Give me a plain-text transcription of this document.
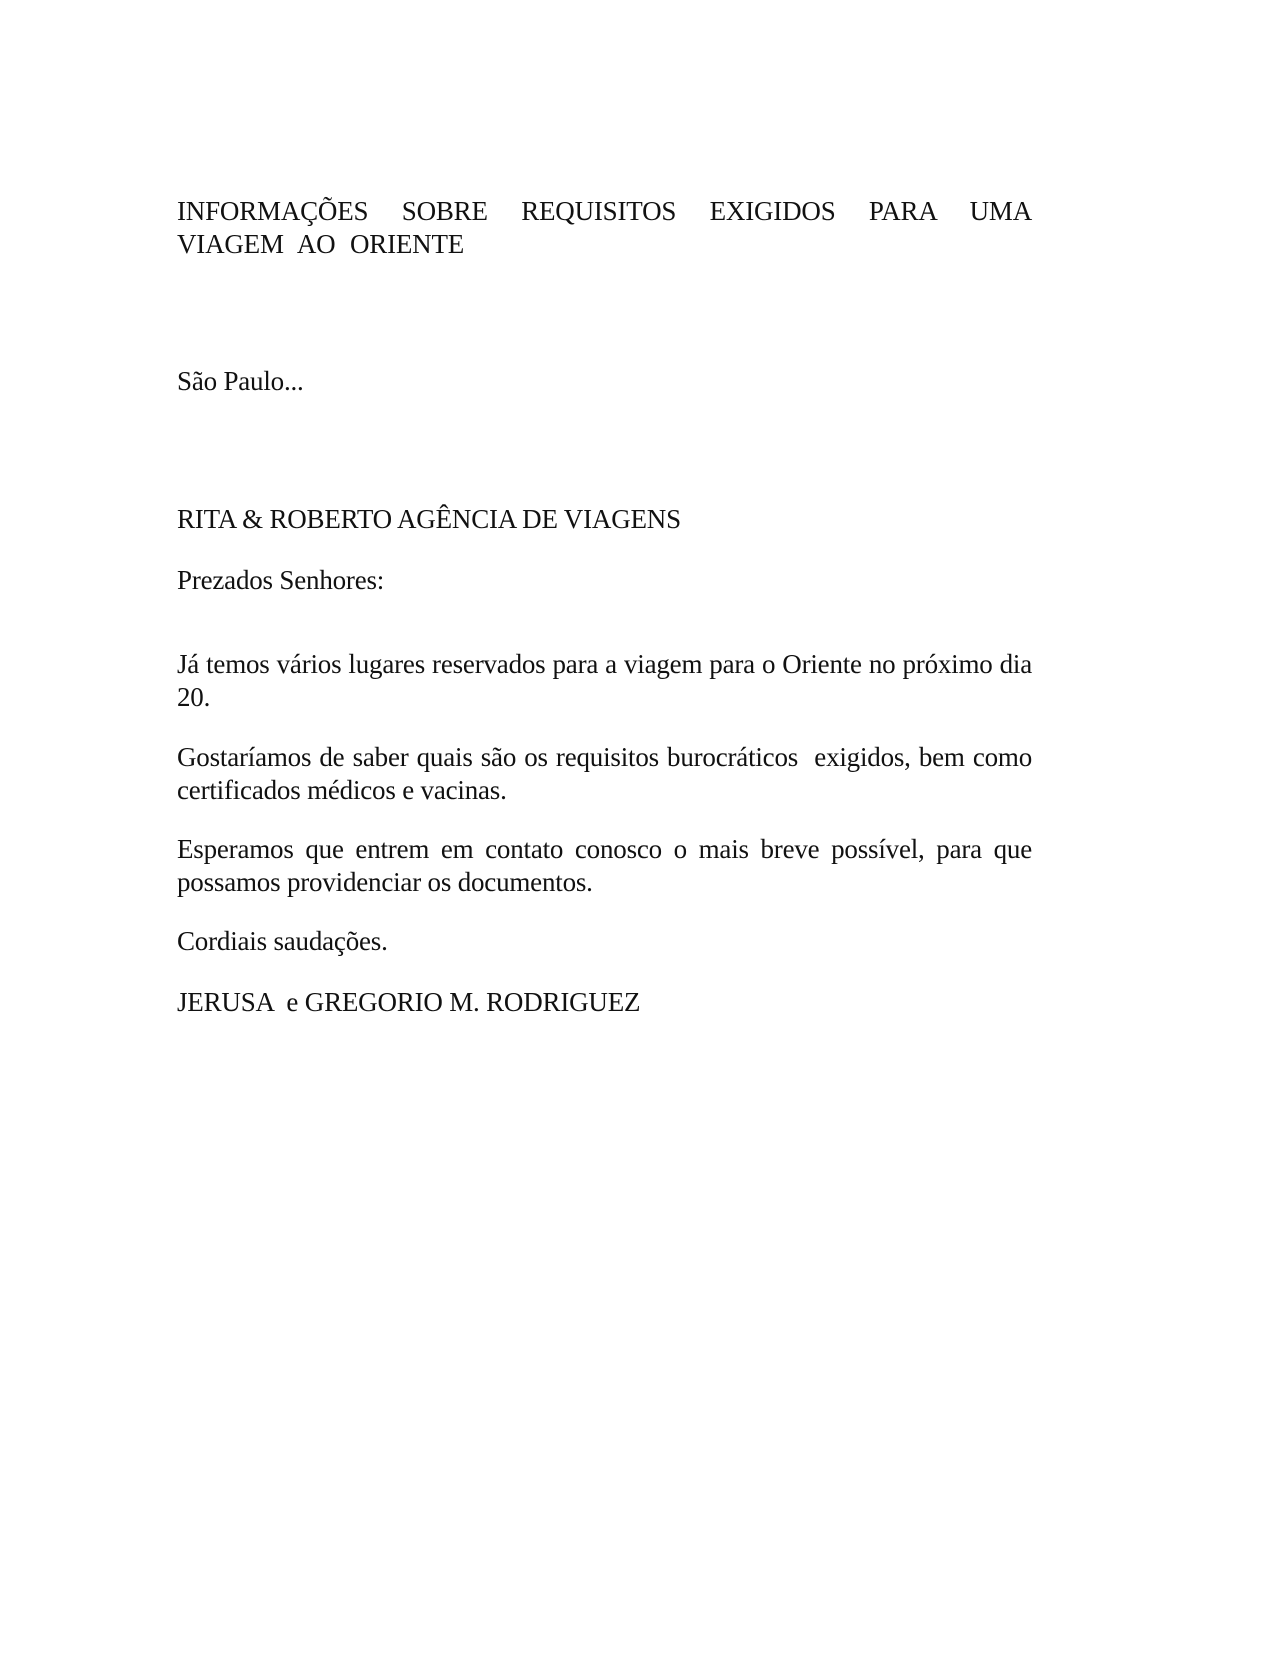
INFORMAÇÕES SOBRE REQUISITOS EXIGIDOS PARA UMA VIAGEM AO ORIENTE
São Paulo...
RITA & ROBERTO AGÊNCIA DE VIAGENS
Prezados Senhores:
Já temos vários lugares reservados para a viagem para o Oriente no próximo dia 20.
Gostaríamos de saber quais são os requisitos burocráticos  exigidos, bem como certificados médicos e vacinas.
Esperamos que entrem em contato conosco o mais breve possível, para que possamos providenciar os documentos.
Cordiais saudações.
JERUSA  e GREGORIO M. RODRIGUEZ
